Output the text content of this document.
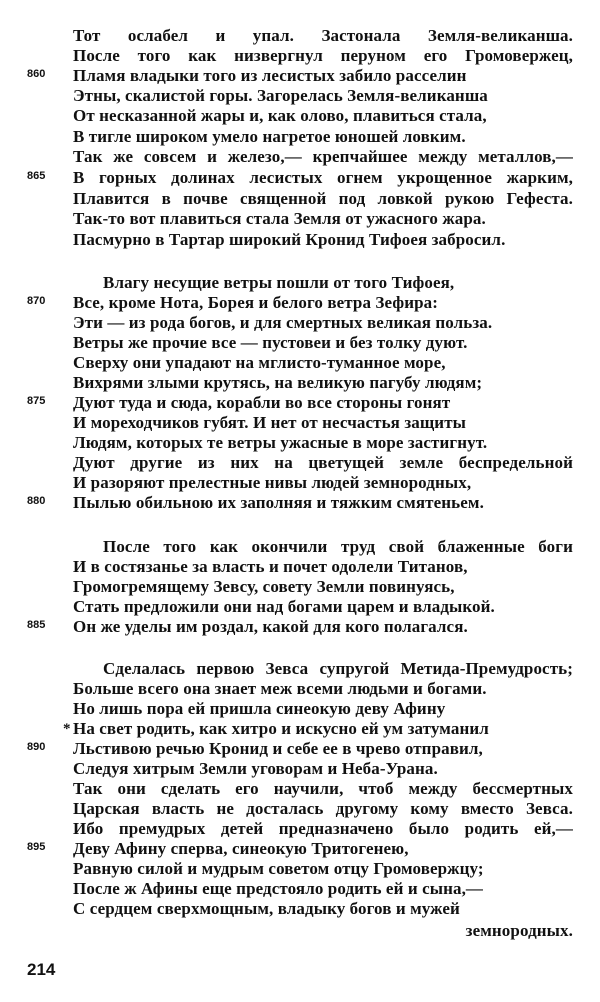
Тот ослабел и упал. Застонала Земля-великанша.
После того как низвергнул перуном его Громовержец,
860	Пламя владыки того из лесистых забило расселин
Этны, скалистой горы. Загорелась Земля-великанша
От несказанной жары и, как олово, плавиться стала,
В тигле широком умело нагретое юношей ловким.
Так же совсем и железо,— крепчайшее между металлов,—
865	В горных долинах лесистых огнем укрощенное жарким,
Плавится в почве священной под ловкой рукою Гефеста.
Так-то вот плавиться стала Земля от ужасного жара.
Пасмурно в Тартар широкий Кронид Тифоея забросил.
Влагу несущие ветры пошли от того Тифоея,
870	Все, кроме Нота, Борея и белого ветра Зефира:
Эти — из рода богов, и для смертных великая польза.
Ветры же прочие все — пустовеи и без толку дуют.
Сверху они упадают на мглисто-туманное море,
Вихрями злыми крутясь, на великую пагубу людям;
875	Дуют туда и сюда, корабли во все стороны гонят
И мореходчиков губят. И нет от несчастья защиты
Людям, которых те ветры ужасные в море застигнут.
Дуют другие из них на цветущей земле беспредельной
И разоряют прелестные нивы людей земнородных,
880	Пылью обильною их заполняя и тяжким смятеньем.
После того как окончили труд свой блаженные боги
И в состязанье за власть и почет одолели Титанов,
Громогремящему Зевсу, совету Земли повинуясь,
Стать предложили они над богами царем и владыкой.
885	Он же уделы им роздал, какой для кого полагался.
Сделалась первою Зевса супругой Метида-Премудрость;
Больше всего она знает меж всеми людьми и богами.
Но лишь пора ей пришла синеокую деву Афину
* На свет родить, как хитро и искусно ей ум затуманил
890	Льстивою речью Кронид и себе ее в чрево отправил,
Следуя хитрым Земли уговорам и Неба-Урана.
Так они сделать его научили, чтоб между бессмертных
Царская власть не досталась другому кому вместо Зевса.
Ибо премудрых детей предназначено было родить ей,—
895	Деву Афину сперва, синеокую Тритогенею,
Равную силой и мудрым советом отцу Громовержцу;
После ж Афины еще предстояло родить ей и сына,—
С сердцем сверхмощным, владыку богов и мужей
земнородных.
214
